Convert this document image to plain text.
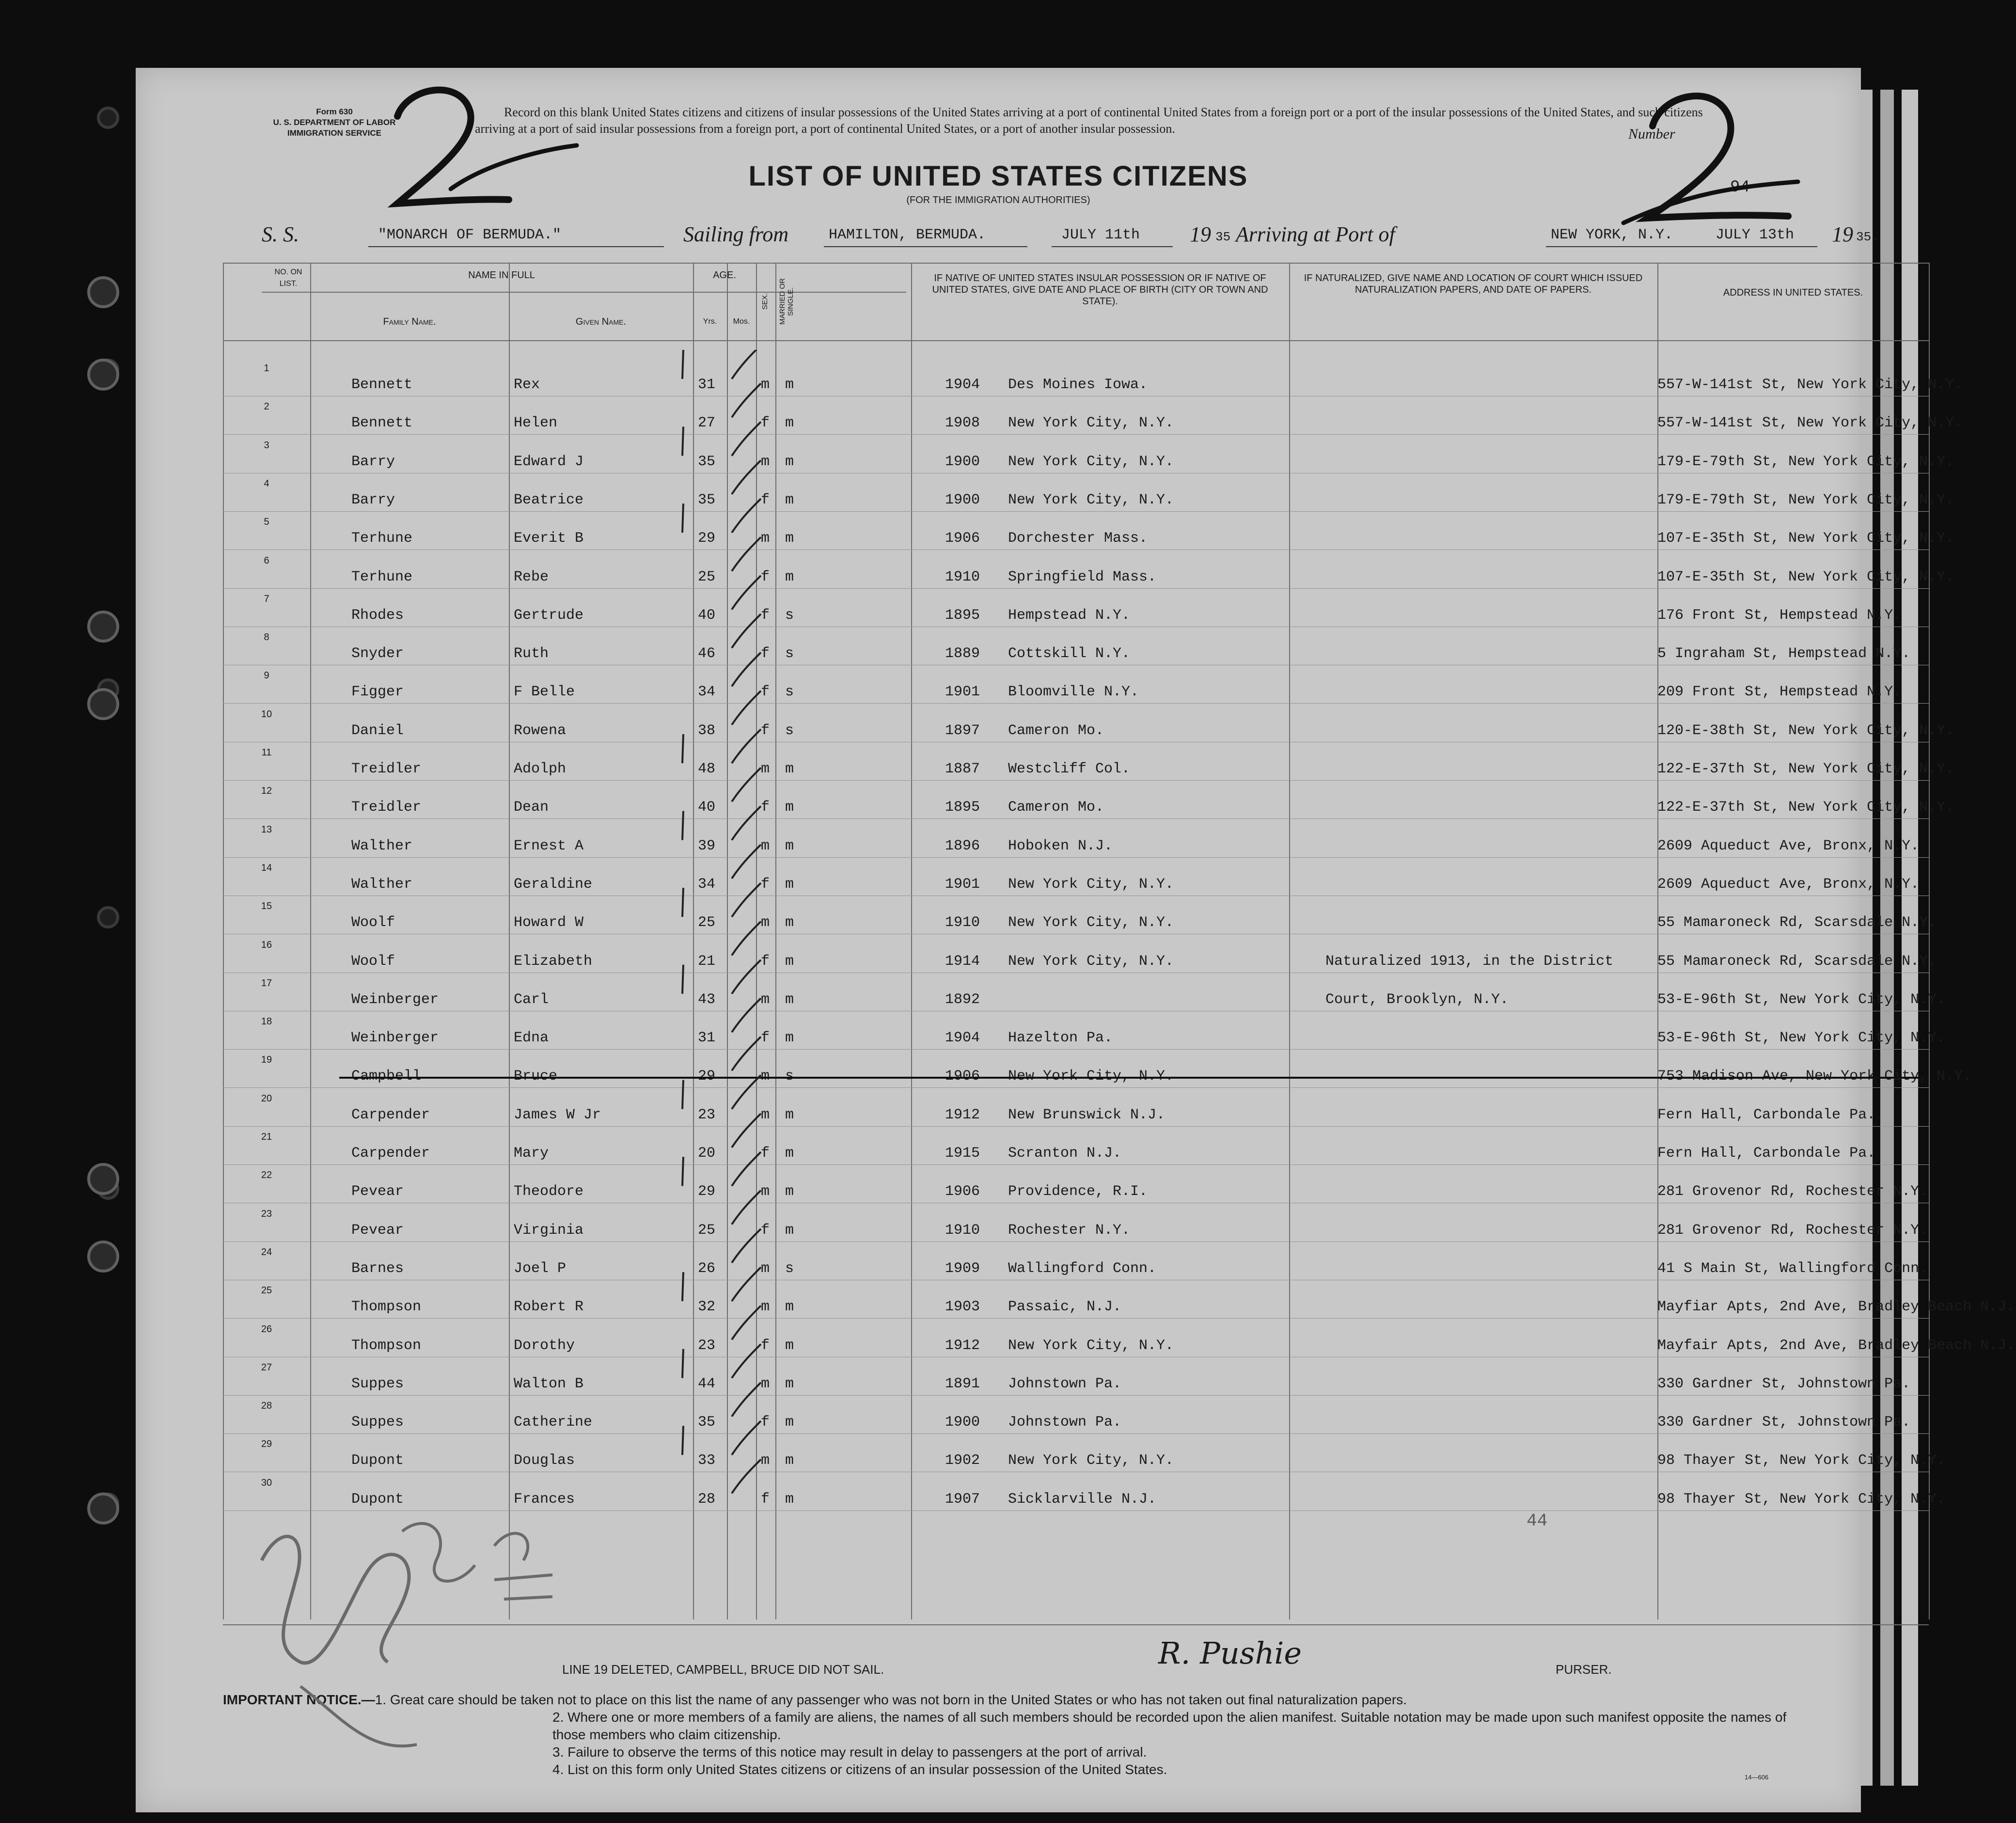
Form 630
U. S. DEPARTMENT OF LABOR
IMMIGRATION SERVICE
Record on this blank United States citizens and citizens of insular possessions of the United States arriving at a port of continental United States from a foreign port or a port of the insular possessions of the United States, and such citizens arriving at a port of said insular possessions from a foreign port, a port of continental United States, or a port of another insular possession.	Number
LIST OF UNITED STATES CITIZENS
(FOR THE IMMIGRATION AUTHORITIES)
94
S. S.	"MONARCH OF BERMUDA."	Sailing from	HAMILTON, BERMUDA.	JULY 11th 19 35 Arriving at Port of	NEW YORK, N.Y.	JULY 13th 19 35.
NO. ON LIST.
NAME IN FULL
Family Name.	Given Name.
AGE.
Yrs.	Mos.
SEX. MARRIED OR SINGLE.
IF NATIVE OF UNITED STATES INSULAR POSSESSION OR IF NATIVE OF UNITED STATES, GIVE DATE AND PLACE OF BIRTH (CITY OR TOWN AND STATE).
IF NATURALIZED, GIVE NAME AND LOCATION OF COURT WHICH ISSUED NATURALIZATION PAPERS, AND DATE OF PAPERS.	ADDRESS IN UNITED STATES.
1
Bennett	Rex	31	m m	1904 Des Moines Iowa.	557-W-141st St, New York City, N.Y.
2
Bennett	Helen	27	f m	1908 New York City, N.Y.	557-W-141st St, New York City, N.Y.
3
Barry	Edward J	35	m m	1900 New York City, N.Y.	179-E-79th St, New York City, N.Y.
4
Barry	Beatrice	35	f m	1900 New York City, N.Y.	179-E-79th St, New York City, N.Y.
5
Terhune	Everit B	29	m m	1906 Dorchester Mass.	107-E-35th St, New York City, N.Y.
6
Terhune	Rebe	25	f m	1910 Springfield Mass.	107-E-35th St, New York City, N.Y.
7
Rhodes	Gertrude	40	f s	1895 Hempstead N.Y.	176 Front St, Hempstead N.Y.
8
Snyder	Ruth	46	f s	1889 Cottskill N.Y.	5 Ingraham St, Hempstead N.Y.
9
Figger	F Belle	34	f s	1901 Bloomville N.Y.	209 Front St, Hempstead N.Y.
10
Daniel	Rowena	38	f s	1897 Cameron Mo.	120-E-38th St, New York City, N.Y.
11
Treidler	Adolph	48	m m	1887 Westcliff Col.	122-E-37th St, New York City, N.Y.
12
Treidler	Dean	40	f m	1895 Cameron Mo.	122-E-37th St, New York City, N.Y.
13
Walther	Ernest A	39	m m	1896 Hoboken N.J.	2609 Aqueduct Ave, Bronx, N.Y.
14
Walther	Geraldine	34	f m	1901 New York City, N.Y.	2609 Aqueduct Ave, Bronx, N.Y.
15
Woolf	Howard W	25	m m	1910 New York City, N.Y.	55 Mamaroneck Rd, Scarsdale N.Y.
16
Woolf	Elizabeth	21	f m	1914 New York City, N.Y.	Naturalized 1913, in the District	55 Mamaroneck Rd, Scarsdale N.Y.
17
Weinberger	Carl	43	m m	1892	Court, Brooklyn, N.Y.	53-E-96th St, New York City, N.Y.
18
Weinberger	Edna	31	f m	1904 Hazelton Pa.	53-E-96th St, New York City, N.Y.
19
Campbell	Bruce	29	m s	1906 New York City, N.Y.	753 Madison Ave, New York City, N.Y.
20
Carpender	James W Jr	23	m m	1912 New Brunswick N.J.	Fern Hall, Carbondale Pa.
21
Carpender	Mary	20	f m	1915 Scranton N.J.	Fern Hall, Carbondale Pa.
22
Pevear	Theodore	29	m m	1906 Providence, R.I.	281 Grovenor Rd, Rochester N.Y.
23
Pevear	Virginia	25	f m	1910 Rochester N.Y.	281 Grovenor Rd, Rochester N.Y.
24
Barnes	Joel P	26	m s	1909 Wallingford Conn.	41 S Main St, Wallingford Conn.
25
Thompson	Robert R	32	m m	1903 Passaic, N.J.	Mayfiar Apts, 2nd Ave, Bradley Beach N.J.
26
Thompson	Dorothy	23	f m	1912 New York City, N.Y.	Mayfair Apts, 2nd Ave, Bradley Beach N.J.
27
Suppes	Walton B	44	m m	1891 Johnstown Pa.	330 Gardner St, Johnstown Pa.
28
Suppes	Catherine	35	f m	1900 Johnstown Pa.	330 Gardner St, Johnstown Pa.
29
Dupont	Douglas	33	m m	1902 New York City, N.Y.	98 Thayer St, New York City, N.Y.
30
Dupont	Frances	28	f m	1907 Sicklarville N.J.	98 Thayer St, New York City, N.Y.
LINE 19 DELETED, CAMPBELL, BRUCE DID NOT SAIL.	R. Pushie	PURSER.

IMPORTANT NOTICE.—1. Great care should be taken not to place on this list the name of any passenger who was not born in the United States or who has not taken out final naturalization papers.

2. Where one or more members of a family are aliens, the names of all such members should be recorded upon the alien manifest. Suitable notation may be made upon such manifest opposite the names of those members who claim citizenship.

3. Failure to observe the terms of this notice may result in delay to passengers at the port of arrival.

4. List on this form only United States citizens or citizens of an insular possession of the United States.

14—606
44
